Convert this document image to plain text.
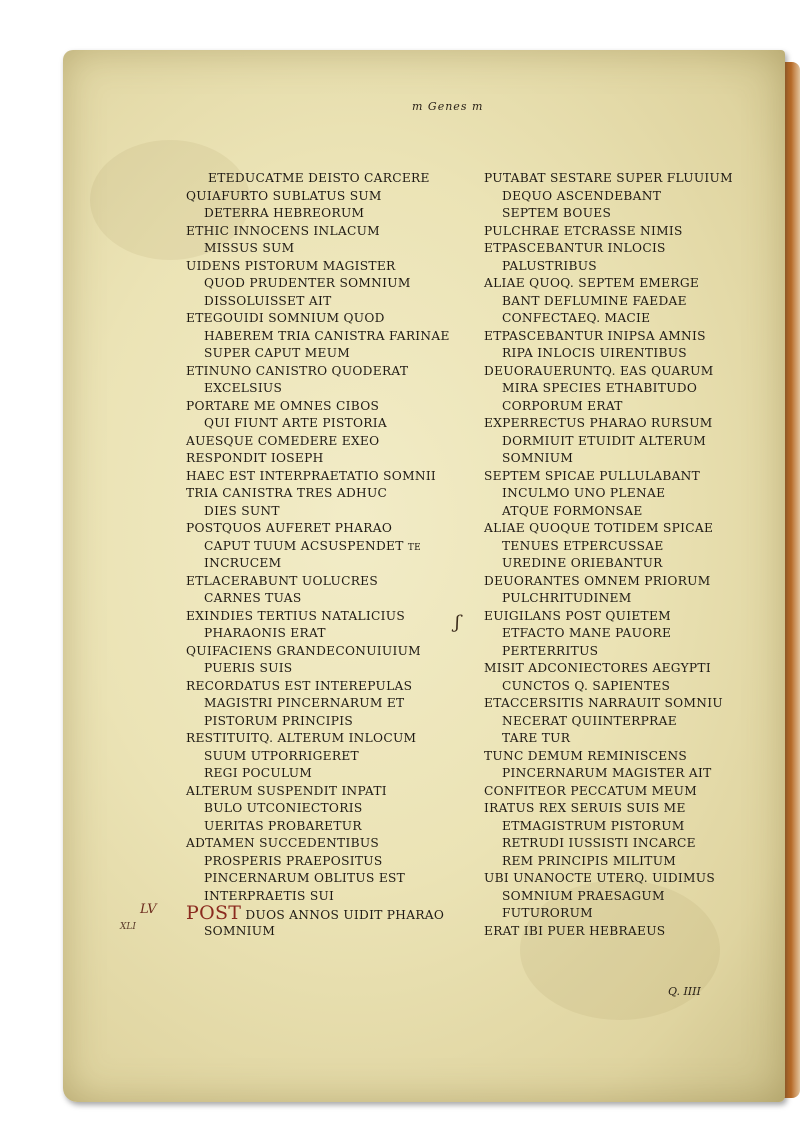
m Genes m
ETEDUCATME DEISTO CARCERE
QUIAFURTO SUBLATUS SUM
DETERRA HEBREORUM
ETHIC INNOCENS INLACUM
MISSUS SUM
UIDENS PISTORUM MAGISTER
QUOD PRUDENTER SOMNIUM
DISSOLUISSET AIT
ETEGOUIDI SOMNIUM QUOD
HABEREM TRIA CANISTRA FARINAE
SUPER CAPUT MEUM
ETINUNO CANISTRO QUODERAT
EXCELSIUS
PORTARE ME OMNES CIBOS
QUI FIUNT ARTE PISTORIA
AUESQUE COMEDERE EXEO
RESPONDIT IOSEPH
HAEC EST INTERPRAETATIO SOMNII
TRIA CANISTRA TRES ADHUC
DIES SUNT
POSTQUOS AUFERET PHARAO
CAPUT TUUM ACSUSPENDET te
INCRUCEM
ETLACERABUNT UOLUCRES
CARNES TUAS
EXINDIES TERTIUS NATALICIUS
PHARAONIS ERAT
QUIFACIENS GRANDECONUIUIUM
PUERIS SUIS
RECORDATUS EST INTEREPULAS
MAGISTRI PINCERNARUM ET
PISTORUM PRINCIPIS
RESTITUITQ. ALTERUM INLOCUM
SUUM UTPORRIGERET
REGI POCULUM
ALTERUM SUSPENDIT INPATI
BULO UTCONIECTORIS
UERITAS PROBARETUR
ADTAMEN SUCCEDENTIBUS
PROSPERIS PRAEPOSITUS
PINCERNARUM OBLITUS EST
INTERPRAETIS SUI
POST DUOS ANNOS UIDIT PHARAO
SOMNIUM
PUTABAT SESTARE SUPER FLUUIUM
DEQUO ASCENDEBANT
SEPTEM BOUES
PULCHRAE ETCRASSE NIMIS
ETPASCEBANTUR INLOCIS
PALUSTRIBUS
ALIAE QUOQ. SEPTEM EMERGE
BANT DEFLUMINE FAEDAE
CONFECTAEQ. MACIE
ETPASCEBANTUR INIPSA AMNIS
RIPA INLOCIS UIRENTIBUS
DEUORAUERUNTQ. EAS QUARUM
MIRA SPECIES ETHABITUDO
CORPORUM ERAT
EXPERRECTUS PHARAO RURSUM
DORMIUIT ETUIDIT ALTERUM
SOMNIUM
SEPTEM SPICAE PULLULABANT
INCULMO UNO PLENAE
ATQUE FORMONSAE
ALIAE QUOQUE TOTIDEM SPICAE
TENUES ETPERCUSSAE
UREDINE ORIEBANTUR
DEUORANTES OMNEM PRIORUM
PULCHRITUDINEM
EUIGILANS POST QUIETEM
ETFACTO MANE PAUORE
PERTERRITUS
MISIT ADCONIECTORES AEGYPTI
CUNCTOS Q. SAPIENTES
ETACCERSITIS NARRAUIT SOMNIU
NECERAT QUIINTERPRAE
TARE TUR
TUNC DEMUM REMINISCENS
PINCERNARUM MAGISTER AIT
CONFITEOR PECCATUM MEUM
IRATUS REX SERUIS SUIS ME
ETMAGISTRUM PISTORUM
RETRUDI IUSSISTI INCARCE
REM PRINCIPIS MILITUM
UBI UNANOCTE UTERQ. UIDIMUS
SOMNIUM PRAESAGUM
FUTURORUM
ERAT IBI PUER HEBRAEUS
LV
XLI
ʃ
Q. IIII
